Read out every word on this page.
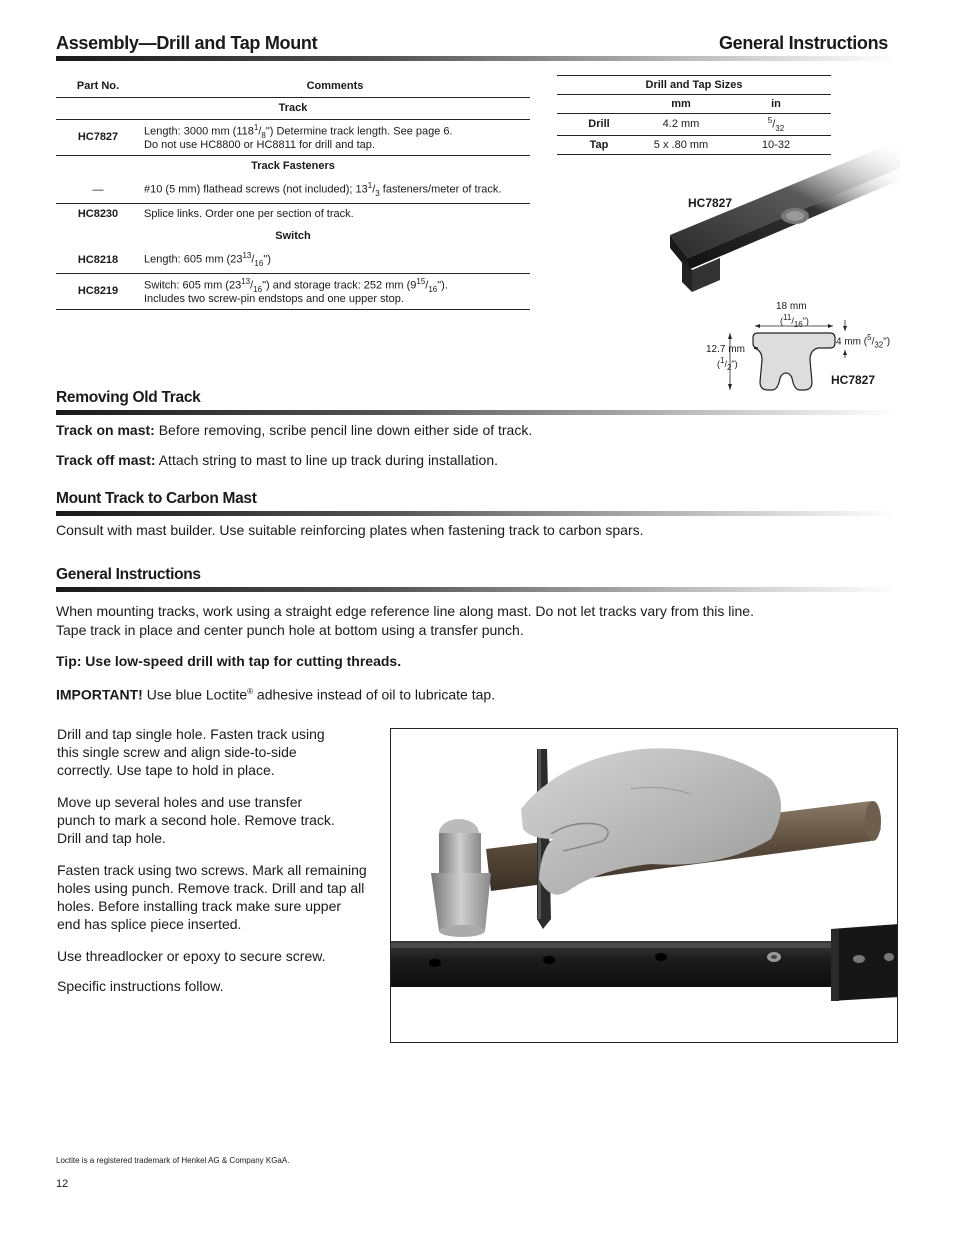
Assembly—Drill and Tap Mount	General Instructions
Part No.	Comments
Track	
HC7827	Length: 3000 mm $(118^1/_8")$ Determine track length. See page 6.
Do not use HC8800 or HC8811 for drill and tap.
Track Fasteners	
—	#10 (5 mm) flathead screws (not included); $13^1/_3$ fasteners/meter of track.
HC8230	Splice links. Order one per section of track.
Switch	
HC8218	Length: 605 mm $(23^{13}/_{16}")$
HC8219	Switch: 605 mm $(23^{13}/_{16}")$ and storage track: 252 mm $(9^{15}/_{16}")$.
Includes two screw-pin endstops and one upper stop.
Drill and Tap Sizes		
	mm	in
Drill	4.2 mm	$^5/_{32}$
Tap	5 x .80 mm	10-32
HC7827
18 mm
$(^{11}/_{16}")$
12.7 mm
$(^1/_2")$
4 mm $(^5/_{32}")$
HC7827
Removing Old Track

Track on mast: Before removing, scribe pencil line down either side of track.

Track off mast: Attach string to mast to line up track during installation.

Mount Track to Carbon Mast

Consult with mast builder. Use suitable reinforcing plates when fastening track to carbon spars.

General Instructions

When mounting tracks, work using a straight edge reference line along mast. Do not let tracks vary from this line.
Tape track in place and center punch hole at bottom using a transfer punch.

Tip: Use low-speed drill with tap for cutting threads.

IMPORTANT! Use blue Loctite® adhesive instead of oil to lubricate tap.

Drill and tap single hole. Fasten track using
this single screw and align side-to-side
correctly. Use tape to hold in place.

Move up several holes and use transfer
punch to mark a second hole. Remove track.
Drill and tap hole.

Fasten track using two screws. Mark all remaining
holes using punch. Remove track. Drill and tap all
holes. Before installing track make sure upper
end has splice piece inserted.

Use threadlocker or epoxy to secure screw.

Specific instructions follow.

Loctite is a registered trademark of Henkel AG & Company KGaA.
12
